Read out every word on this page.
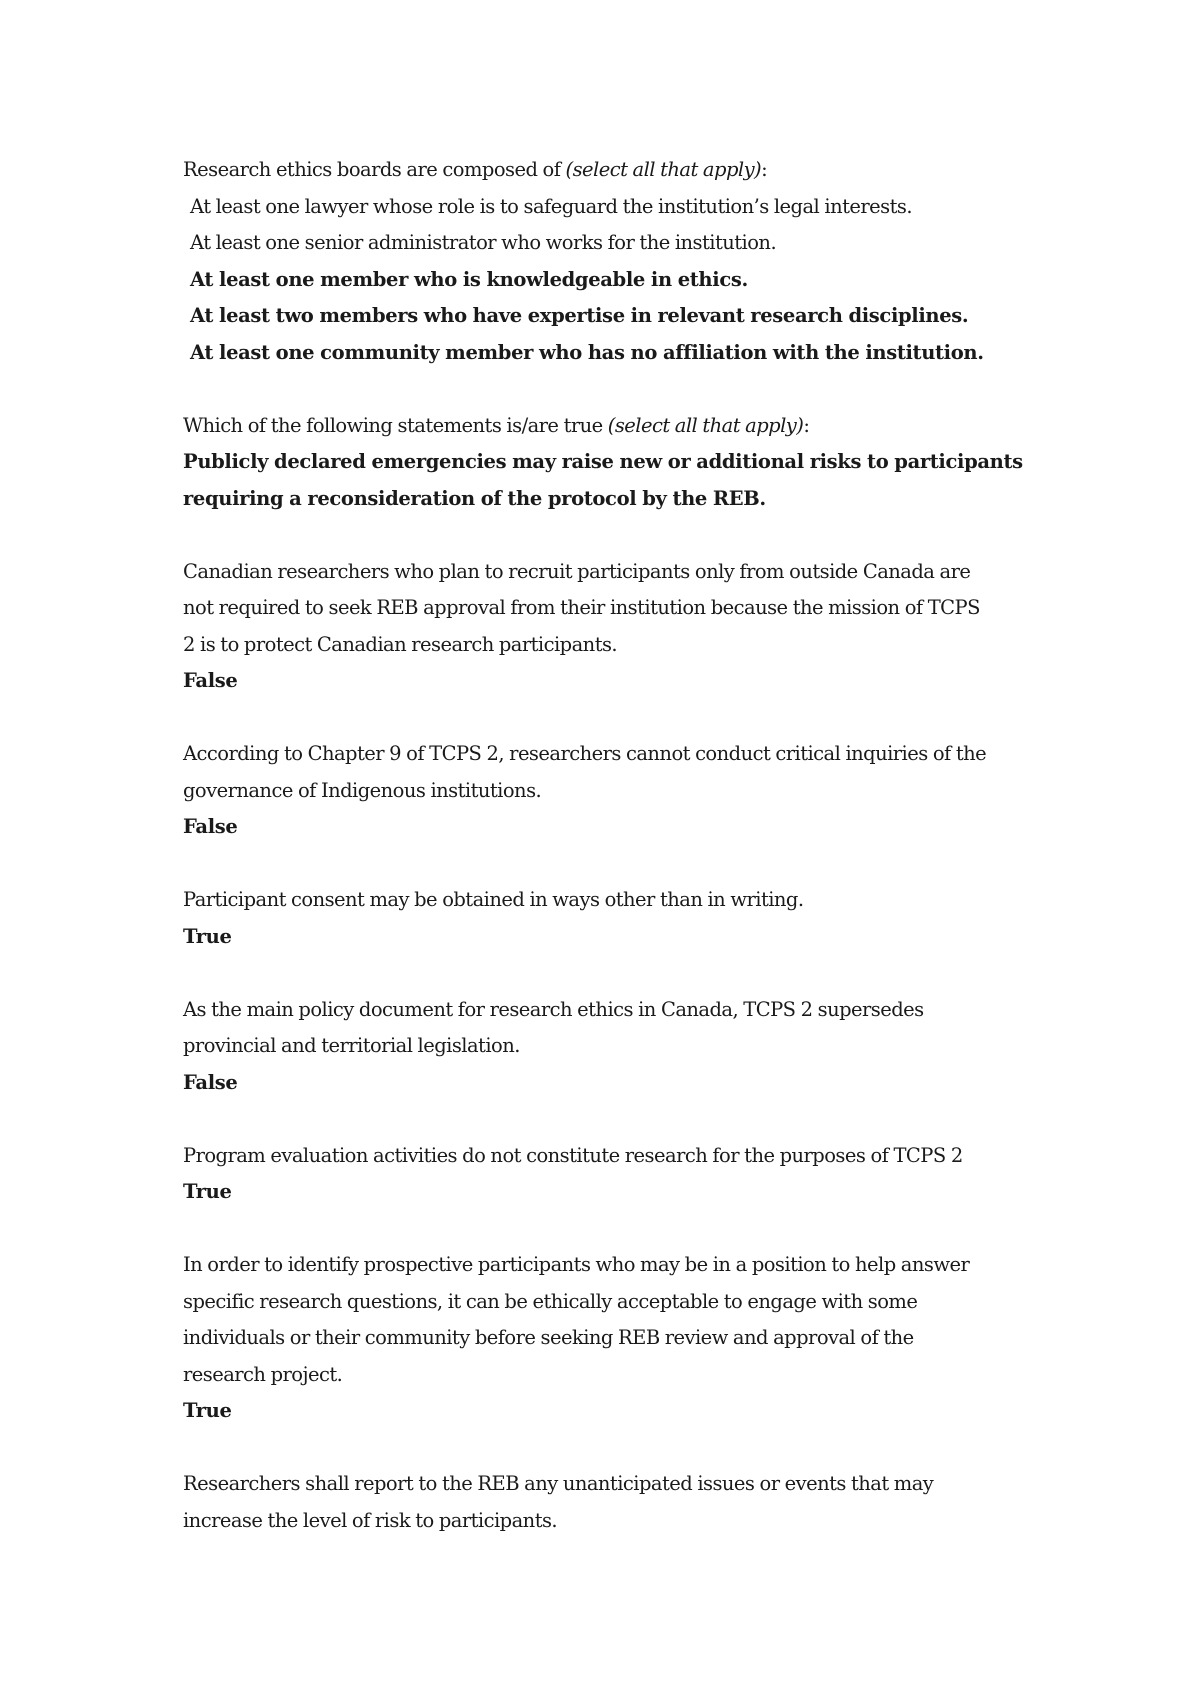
Research ethics boards are composed of (select all that apply):
At least one lawyer whose role is to safeguard the institution’s legal interests.
At least one senior administrator who works for the institution.
At least one member who is knowledgeable in ethics.
At least two members who have expertise in relevant research disciplines.
At least one community member who has no affiliation with the institution.
Which of the following statements is/are true (select all that apply):
Publicly declared emergencies may raise new or additional risks to participants
requiring a reconsideration of the protocol by the REB.
Canadian researchers who plan to recruit participants only from outside Canada are
not required to seek REB approval from their institution because the mission of TCPS
2 is to protect Canadian research participants.
False
According to Chapter 9 of TCPS 2, researchers cannot conduct critical inquiries of the
governance of Indigenous institutions.
False
Participant consent may be obtained in ways other than in writing.
True
As the main policy document for research ethics in Canada, TCPS 2 supersedes
provincial and territorial legislation.
False
Program evaluation activities do not constitute research for the purposes of TCPS 2
True
In order to identify prospective participants who may be in a position to help answer
specific research questions, it can be ethically acceptable to engage with some
individuals or their community before seeking REB review and approval of the
research project.
True
Researchers shall report to the REB any unanticipated issues or events that may
increase the level of risk to participants.
